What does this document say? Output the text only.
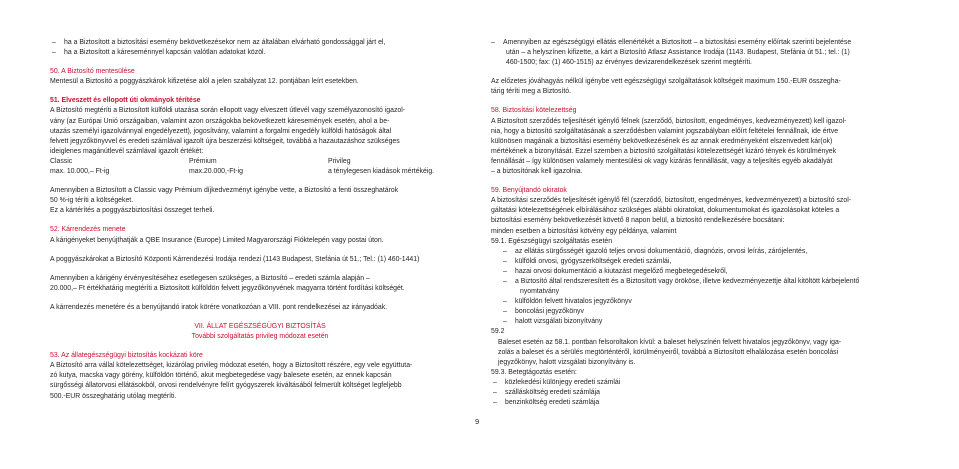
– ha a Biztosított a biztosítási esemény bekövetkezésekor nem az általában elvárható gondossággal járt el,
– ha a Biztosított a káreseménnyel kapcsán valótlan adatokat közöl.
50. A Biztosító mentesülése
Mentesül a Biztosító a poggyászkárok kifizetése alól a jelen szabályzat 12. pontjában leírt esetekben.
51. Elveszett és ellopott úti okmányok térítése
A Biztosító megtéríti a Biztosított külföldi utazása során ellopott vagy elveszett útlevél vagy személyazonosító igazol-
vány (az Európai Unió országaiban, valamint azon országokba bekövetkezett káresemények esetén, ahol a be-
utazás személyi igazolvánnyal engedélyezett), jogosítvány, valamint a forgalmi engedély külföldi hatóságok által
felvett jegyzőkönyvvel és eredeti számlával igazolt újra beszerzési költségeit, továbbá a hazautazáshoz szükséges
ideiglenes magánútlevél számlával igazolt értékét:
Classic	Prémium	Privileg
max. 10.000,– Ft-ig	max.20.000,-Ft-ig	a ténylegesen kiadások mértékéig.
Amennyiben a Biztosított a Classic vagy Prémium díjkedvezményt igénybe vette, a Biztosító a fenti összeghatárok
50 %-ig téríti a költségeket.
Ez a kártérítés a poggyászbiztosítási összeget terheli.
52. Kárrendezés menete
A kárigényeket benyújthatják a QBE Insurance (Europe) Limited Magyarországi Fióktelepén vagy postai úton.
A poggyászkárokat a Biztosító Központi Kárrendezési Irodája rendezi (1143 Budapest, Stefánia út 51.; Tel.: (1) 460-1441)
Amennyiben a kárigény érvényesítéséhez esetlegesen szükséges, a Biztosító – eredeti számla alapján –
20.000,– Ft értékhatárig megtéríti a Biztosított külföldön felvett jegyzőkönyvének magyarra történt fordítási költségét.
A kárrendezés menetére és a benyújtandó iratok körére vonatkozóan a VIII. pont rendelkezései az irányadóak.
VII. ÁLLAT EGÉSZSÉGÜGYI BIZTOSÍTÁS
További szolgáltatás privileg módozat esetén
53. Az állategészségügyi biztosítás kockázati köre
A Biztosító arra vállal kötelezettséget, kizárólag privileg módozat esetén, hogy a Biztosított részére, egy vele együttuta-
zó kutya, macska vagy görény, külföldön történő, akut megbetegedése vagy balesete esetén, az ennek kapcsán
sürgősségi állatorvosi ellátásokból, orvosi rendelvényre felírt gyógyszerek kiváltásából felmerült költséget legfeljebb
500.-EUR összeghatárig utólag megtéríti.
– Amennyiben az egészségügyi ellátás ellenértékét a Biztosított – a biztosítási esemény előírtak szerinti bejelentése
után – a helyszínen kifizette, a kárt a Biztosító Atlasz Assistance Irodája (1143. Budapest, Stefánia út 51.; tel.: (1)
460-1500; fax: (1) 460-1515) az érvényes devizarendelkezések szerint megtéríti.
Az előzetes jóváhagyás nélkül igénybe vett egészségügyi szolgáltatások költségeit maximum 150.-EUR összegha-
tárig téríti meg a Biztosító.
58. Biztosítási kötelezettség
A Biztosított szerződés teljesítését igénylő félnek (szerződő, biztosított, engedményes, kedvezményezett) kell igazol-
nia, hogy a biztosító szolgáltatásának a szerződésben valamint jogszabályban előírt feltételei fennállnak, ide értve
különösen magának a biztosítási esemény bekövetkezésének és az annak eredményeként elszenvedett kár(ok)
mértékének a bizonyítását. Ezzel szemben a biztosító szolgáltatási kötelezettségét kizáró tények és körülmények
fennállását – így különösen valamely mentesülési ok vagy kizárás fennállását, vagy a teljesítés egyéb akadályát
– a biztosítónak kell igazolnia.
59. Benyújtandó okiratok
A biztosítási szerződés teljesítését igénylő fél (szerződő, biztosított, engedményes, kedvezményezett) a biztosító szol-
gáltatási kötelezettségének elbírálásához szükséges alábbi okiratokat, dokumentumokat és igazolásokat köteles a
biztosítási esemény bekövetkezését követő 8 napon belül, a biztosító rendelkezésére bocsátani:
minden esetben a biztosítási kötvény egy példánya, valamint
59.1. Egészségügyi szolgáltatás esetén
– az ellátás sürgősségét igazoló teljes orvosi dokumentáció, diagnózis, orvosi leírás, zárójelentés,
– külföldi orvosi, gyógyszerköltségek eredeti számlái,
– hazai orvosi dokumentáció a kiutazást megelőző megbetegedésekről,
– a Biztosító által rendszeresített és a Biztosított vagy örököse, illetve kedvezményezettje által kitöltött kárbejelentő
nyomtatvány
– külföldön felvett hivatalos jegyzőkönyv
– boncolási jegyzőkönyv
– halott vizsgálati bizonyítvány
59.2
Baleset esetén az 58.1. pontban felsoroltakon kívül: a baleset helyszínén felvett hivatalos jegyzőkönyv, vagy iga-
zolás a baleset és a sérülés megtörténtéről, körülményeiről, továbbá a Biztosított elhalálozása esetén boncolási
jegyzőkönyv, halott vizsgálati bizonyítvány is.
59.3. Betegtágoztás esetén:
– közlekedési különjegy eredeti számlái
– szállásköltség eredeti számlája
– benzinköltség eredeti számlája
9
